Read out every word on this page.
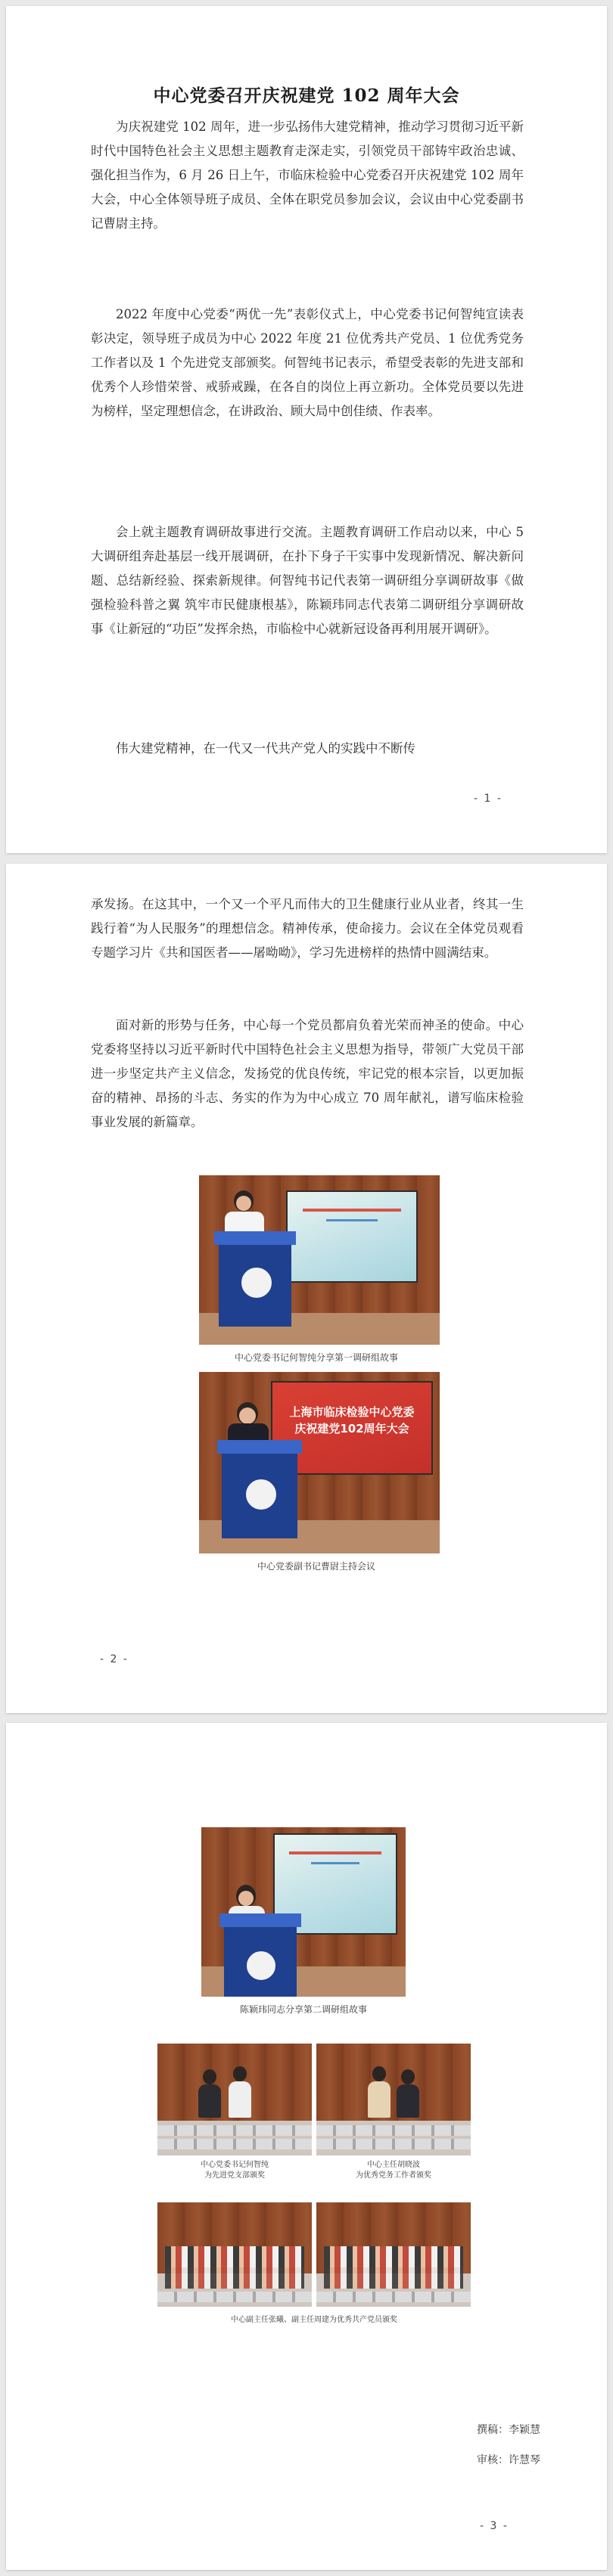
中心党委召开庆祝建党 102 周年大会

为庆祝建党 102 周年，进一步弘扬伟大建党精神，推动学习贯彻习近平新时代中国特色社会主义思想主题教育走深走实，引领党员干部铸牢政治忠诚、强化担当作为，6 月 26 日上午，市临床检验中心党委召开庆祝建党 102 周年大会，中心全体领导班子成员、全体在职党员参加会议，会议由中心党委副书记曹尉主持。

2022 年度中心党委“两优一先”表彰仪式上，中心党委书记何智纯宣读表彰决定，领导班子成员为中心 2022 年度 21 位优秀共产党员、1 位优秀党务工作者以及 1 个先进党支部颁奖。何智纯书记表示，希望受表彰的先进支部和优秀个人珍惜荣誉、戒骄戒躁，在各自的岗位上再立新功。全体党员要以先进为榜样，坚定理想信念，在讲政治、顾大局中创佳绩、作表率。

会上就主题教育调研故事进行交流。主题教育调研工作启动以来，中心 5 大调研组奔赴基层一线开展调研，在扑下身子干实事中发现新情况、解决新问题、总结新经验、探索新规律。何智纯书记代表第一调研组分享调研故事《做强检验科普之翼 筑牢市民健康根基》，陈颖玮同志代表第二调研组分享调研故事《让新冠的“功臣”发挥余热，市临检中心就新冠设备再利用展开调研》。

伟大建党精神，在一代又一代共产党人的实践中不断传

- 1 -

承发扬。在这其中，一个又一个平凡而伟大的卫生健康行业从业者，终其一生践行着“为人民服务”的理想信念。精神传承，使命接力。会议在全体党员观看专题学习片《共和国医者——屠呦呦》，学习先进榜样的热情中圆满结束。

面对新的形势与任务，中心每一个党员都肩负着光荣而神圣的使命。中心党委将坚持以习近平新时代中国特色社会主义思想为指导，带领广大党员干部进一步坚定共产主义信念，发扬党的优良传统，牢记党的根本宗旨，以更加振奋的精神、昂扬的斗志、务实的作为为中心成立 70 周年献礼，谱写临床检验事业发展的新篇章。

中心党委书记何智纯分享第一调研组故事
上海市临床检验中心党委
庆祝建党102周年大会
中心党委副书记曹尉主持会议
- 2 -
陈颖玮同志分享第二调研组故事
中心党委书记何智纯
为先进党支部颁奖
中心主任胡晓波
为优秀党务工作者颁奖
中心副主任张曦、副主任周建为优秀共产党员颁奖
撰稿：李颖慧
审核：许慧琴
- 3 -
